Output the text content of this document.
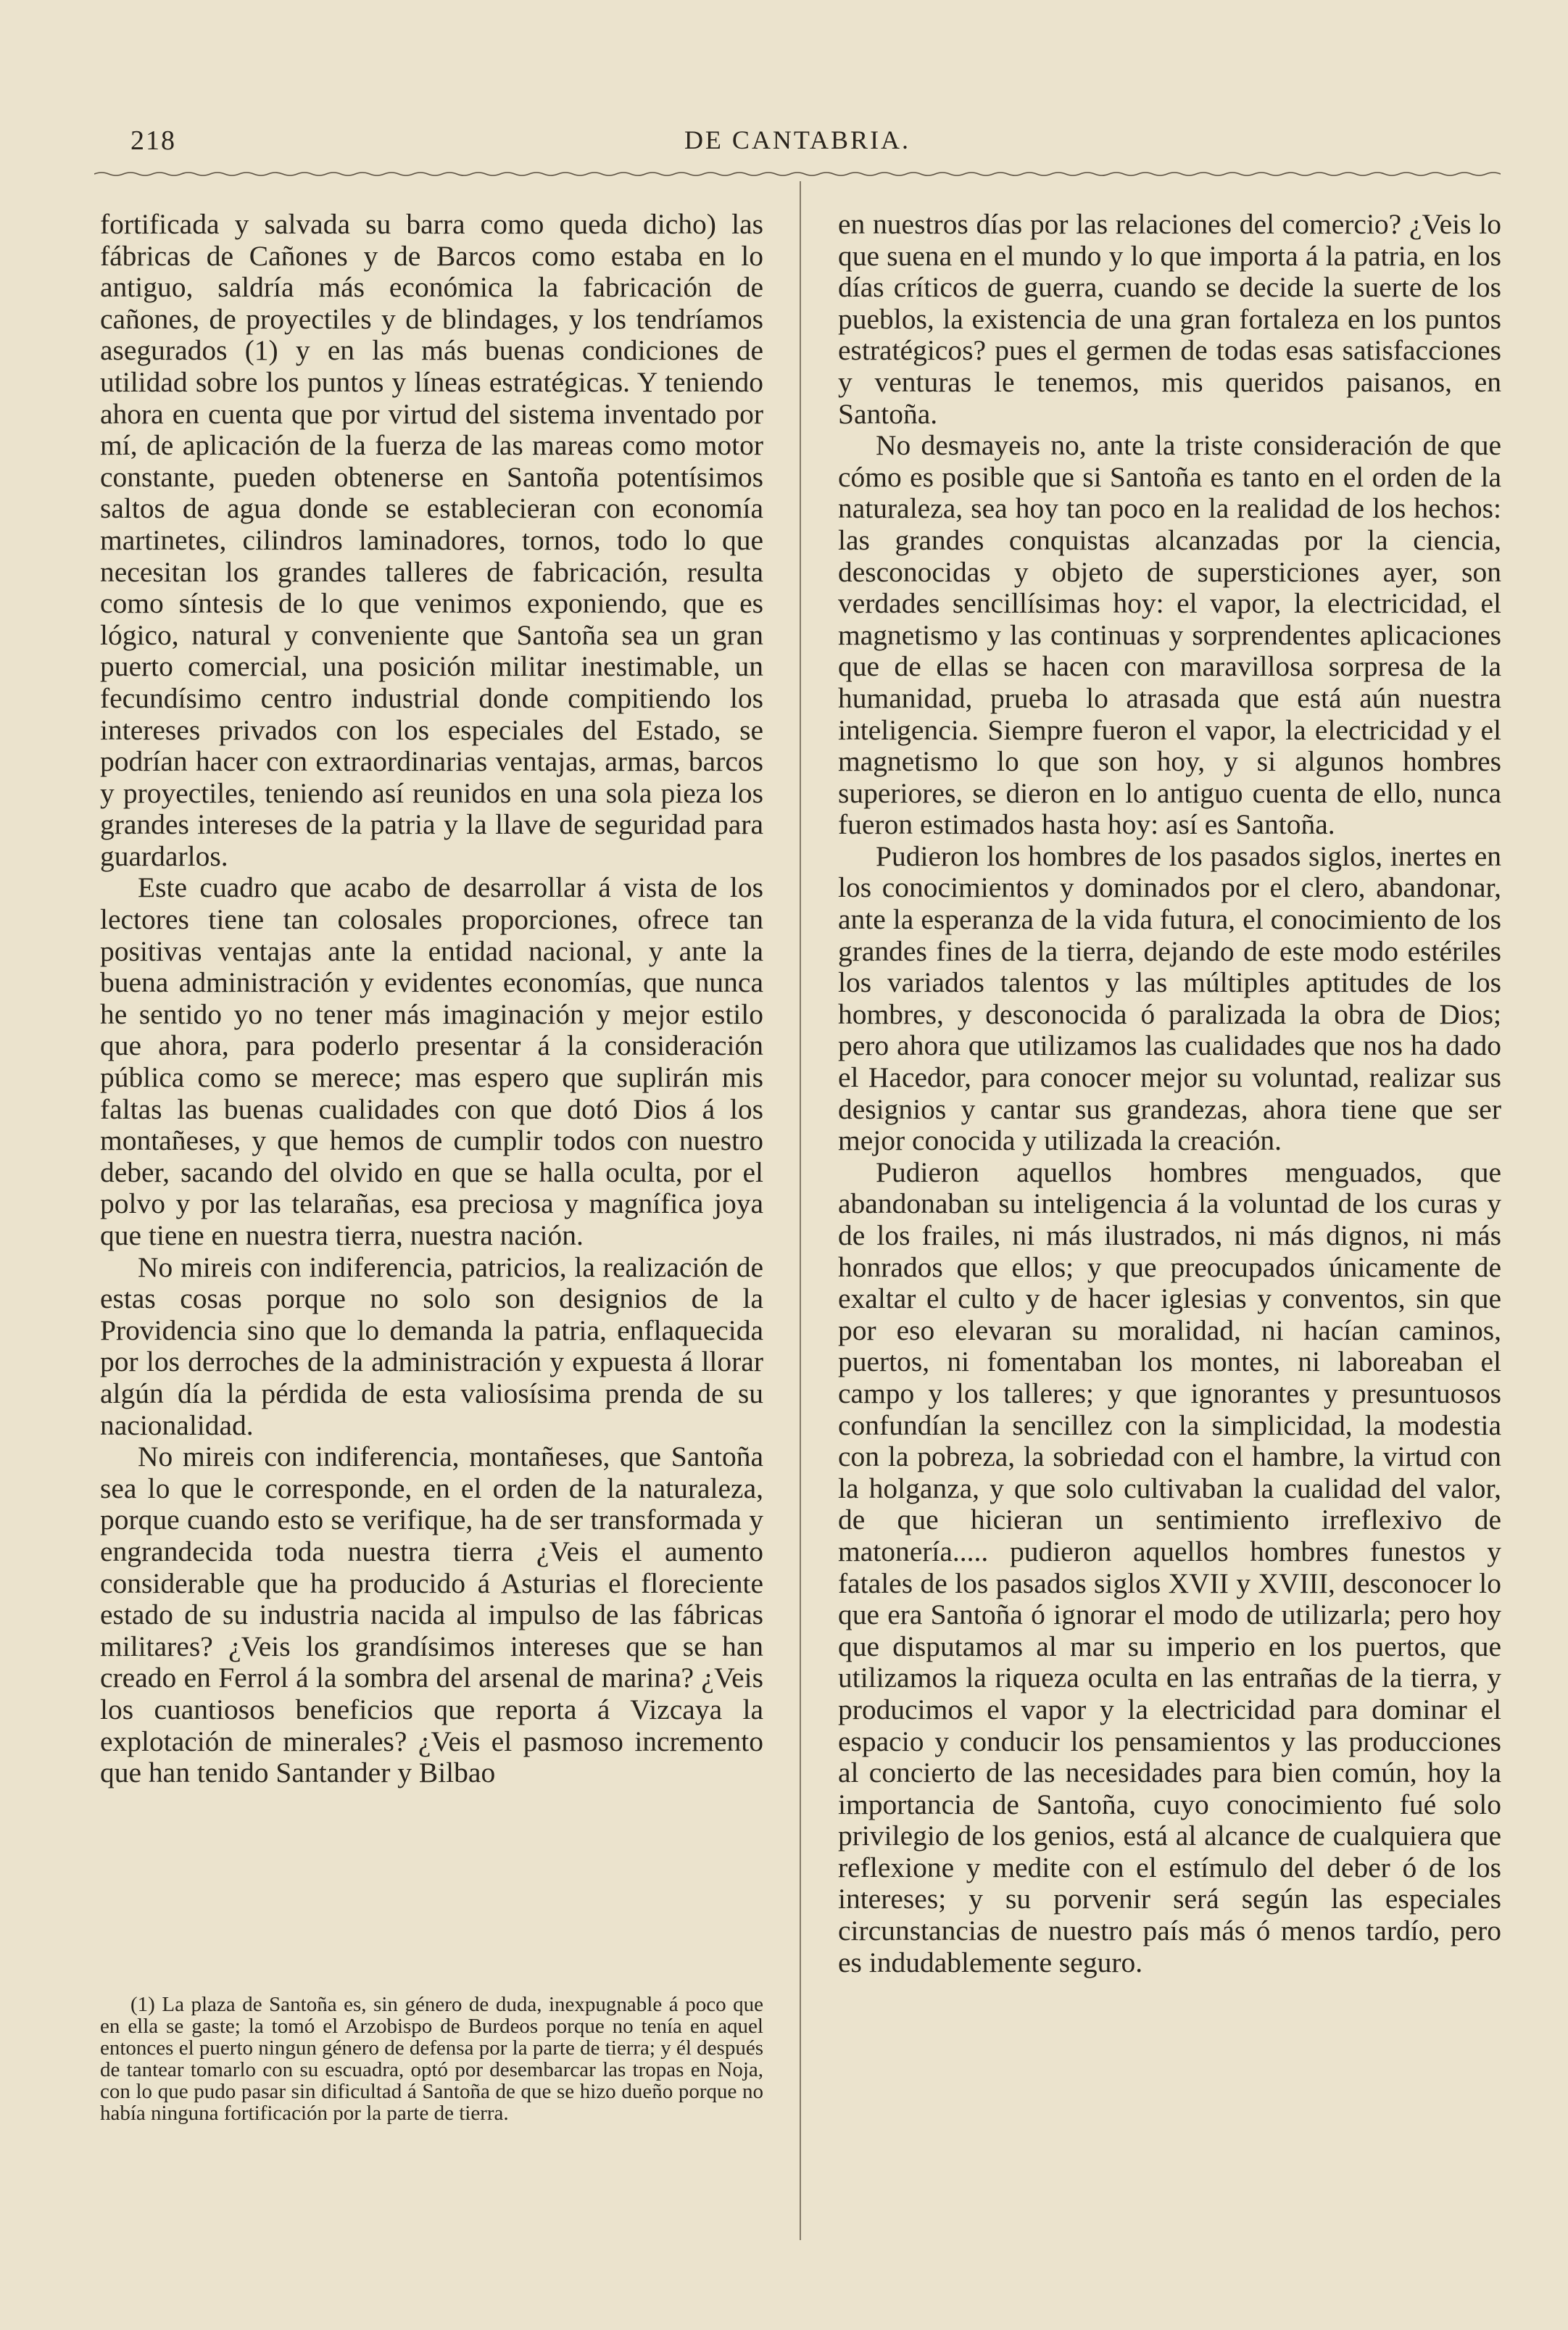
218	DE CANTABRIA.

fortificada y salvada su barra como queda dicho) las fábricas de Cañones y de Barcos como estaba en lo antiguo, saldría más económica la fabricación de cañones, de proyectiles y de blindages, y los tendríamos asegurados (1) y en las más buenas condiciones de utilidad sobre los puntos y líneas estratégicas. Y teniendo ahora en cuenta que por virtud del sistema inventado por mí, de aplicación de la fuerza de las mareas como motor constante, pueden obtenerse en Santoña potentísimos saltos de agua donde se establecieran con economía martinetes, cilindros laminadores, tornos, todo lo que necesitan los grandes talleres de fabricación, resulta como síntesis de lo que venimos exponiendo, que es lógico, natural y conveniente que Santoña sea un gran puerto comercial, una posición militar inestimable, un fecundísimo centro industrial donde compitiendo los intereses privados con los especiales del Estado, se podrían hacer con extraordinarias ventajas, armas, barcos y proyectiles, teniendo así reunidos en una sola pieza los grandes intereses de la patria y la llave de seguridad para guardarlos.

Este cuadro que acabo de desarrollar á vista de los lectores tiene tan colosales proporciones, ofrece tan positivas ventajas ante la entidad nacional, y ante la buena administración y evidentes economías, que nunca he sentido yo no tener más imaginación y mejor estilo que ahora, para poderlo presentar á la consideración pública como se merece; mas espero que suplirán mis faltas las buenas cualidades con que dotó Dios á los montañeses, y que hemos de cumplir todos con nuestro deber, sacando del olvido en que se halla oculta, por el polvo y por las telarañas, esa preciosa y magnífica joya que tiene en nuestra tierra, nuestra nación.

No mireis con indiferencia, patricios, la realización de estas cosas porque no solo son designios de la Providencia sino que lo demanda la patria, enflaquecida por los derroches de la administración y expuesta á llorar algún día la pérdida de esta valiosísima prenda de su nacionalidad.

No mireis con indiferencia, montañeses, que Santoña sea lo que le corresponde, en el orden de la naturaleza, porque cuando esto se verifique, ha de ser transformada y engrandecida toda nuestra tierra ¿Veis el aumento considerable que ha producido á Asturias el floreciente estado de su industria nacida al impulso de las fábricas militares? ¿Veis los grandísimos intereses que se han creado en Ferrol á la sombra del arsenal de marina? ¿Veis los cuantiosos beneficios que reporta á Vizcaya la explotación de minerales? ¿Veis el pasmoso incremento que han tenido Santander y Bilbao

en nuestros días por las relaciones del comercio? ¿Veis lo que suena en el mundo y lo que importa á la patria, en los días críticos de guerra, cuando se decide la suerte de los pueblos, la existencia de una gran fortaleza en los puntos estratégicos? pues el germen de todas esas satisfacciones y venturas le tenemos, mis queridos paisanos, en Santoña.

No desmayeis no, ante la triste consideración de que cómo es posible que si Santoña es tanto en el orden de la naturaleza, sea hoy tan poco en la realidad de los hechos: las grandes conquistas alcanzadas por la ciencia, desconocidas y objeto de supersticiones ayer, son verdades sencillísimas hoy: el vapor, la electricidad, el magnetismo y las continuas y sorprendentes aplicaciones que de ellas se hacen con maravillosa sorpresa de la humanidad, prueba lo atrasada que está aún nuestra inteligencia. Siempre fueron el vapor, la electricidad y el magnetismo lo que son hoy, y si algunos hombres superiores, se dieron en lo antiguo cuenta de ello, nunca fueron estimados hasta hoy: así es Santoña.

Pudieron los hombres de los pasados siglos, inertes en los conocimientos y dominados por el clero, abandonar, ante la esperanza de la vida futura, el conocimiento de los grandes fines de la tierra, dejando de este modo estériles los variados talentos y las múltiples aptitudes de los hombres, y desconocida ó paralizada la obra de Dios; pero ahora que utilizamos las cualidades que nos ha dado el Hacedor, para conocer mejor su voluntad, realizar sus designios y cantar sus grandezas, ahora tiene que ser mejor conocida y utilizada la creación.

Pudieron aquellos hombres menguados, que abandonaban su inteligencia á la voluntad de los curas y de los frailes, ni más ilustrados, ni más dignos, ni más honrados que ellos; y que preocupados únicamente de exaltar el culto y de hacer iglesias y conventos, sin que por eso elevaran su moralidad, ni hacían caminos, puertos, ni fomentaban los montes, ni laboreaban el campo y los talleres; y que ignorantes y presuntuosos confundían la sencillez con la simplicidad, la modestia con la pobreza, la sobriedad con el hambre, la virtud con la holganza, y que solo cultivaban la cualidad del valor, de que hicieran un sentimiento irreflexivo de matonería..... pudieron aquellos hombres funestos y fatales de los pasados siglos XVII y XVIII, desconocer lo que era Santoña ó ignorar el modo de utilizarla; pero hoy que disputamos al mar su imperio en los puertos, que utilizamos la riqueza oculta en las entrañas de la tierra, y producimos el vapor y la electricidad para dominar el espacio y conducir los pensamientos y las producciones al concierto de las necesidades para bien común, hoy la importancia de Santoña, cuyo conocimiento fué solo privilegio de los genios, está al alcance de cualquiera que reflexione y medite con el estímulo del deber ó de los intereses; y su porvenir será según las especiales circunstancias de nuestro país más ó menos tardío, pero es indudablemente seguro.

(1) La plaza de Santoña es, sin género de duda, inexpugnable á poco que en ella se gaste; la tomó el Arzobispo de Burdeos porque no tenía en aquel entonces el puerto ningun género de defensa por la parte de tierra; y él después de tantear tomarlo con su escuadra, optó por desembarcar las tropas en Noja, con lo que pudo pasar sin dificultad á Santoña de que se hizo dueño porque no había ninguna fortificación por la parte de tierra.
